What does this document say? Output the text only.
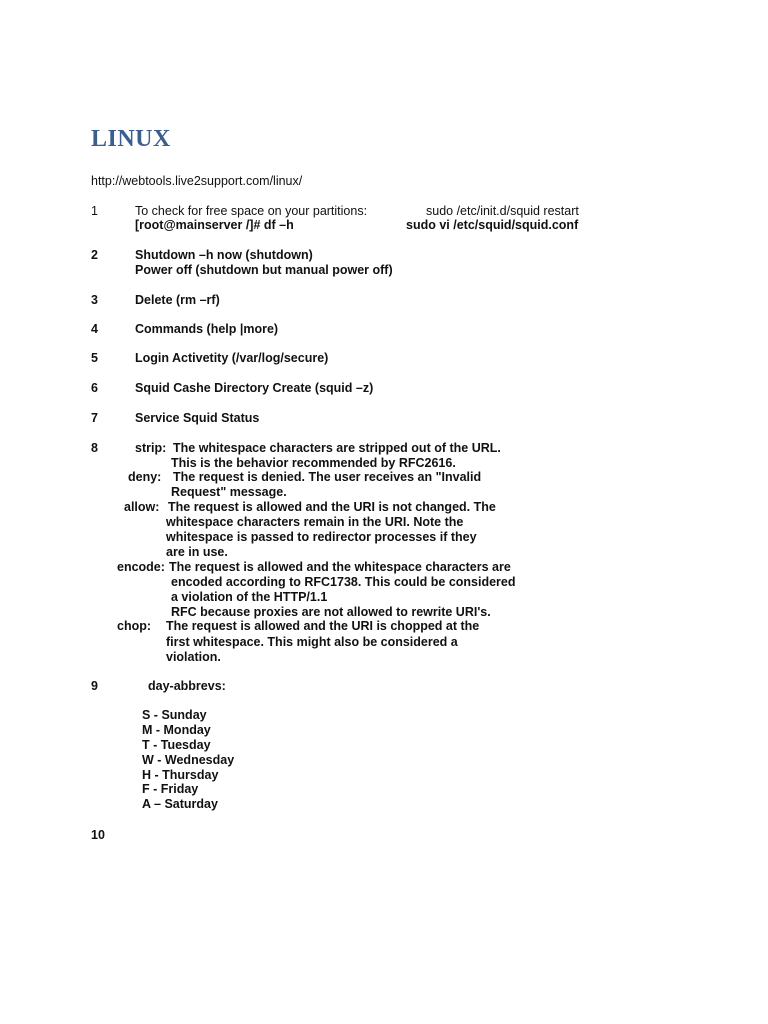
LINUX
http://webtools.live2support.com/linux/
1	To check for free space on your partitions:	sudo /etc/init.d/squid restart
[root@mainserver /]# df –h	sudo vi /etc/squid/squid.conf
2	Shutdown –h now (shutdown)
Power off (shutdown but manual power off)
3	Delete (rm –rf)
4	Commands (help |more)
5	Login Activetity (/var/log/secure)
6	Squid Cashe Directory Create (squid –z)
7	Service Squid Status
8	strip: The whitespace characters are stripped out of the URL.
This is the behavior recommended by RFC2616.
deny: The request is denied. The user receives an "Invalid
Request" message.
allow: The request is allowed and the URI is not changed. The
whitespace characters remain in the URI. Note the
whitespace is passed to redirector processes if they
are in use.
encode: The request is allowed and the whitespace characters are
encoded according to RFC1738. This could be considered
a violation of the HTTP/1.1
RFC because proxies are not allowed to rewrite URI's.
chop: The request is allowed and the URI is chopped at the
first whitespace. This might also be considered a
violation.
9	day-abbrevs:
S - Sunday
M - Monday
T - Tuesday
W - Wednesday
H - Thursday
F - Friday
A – Saturday
10
